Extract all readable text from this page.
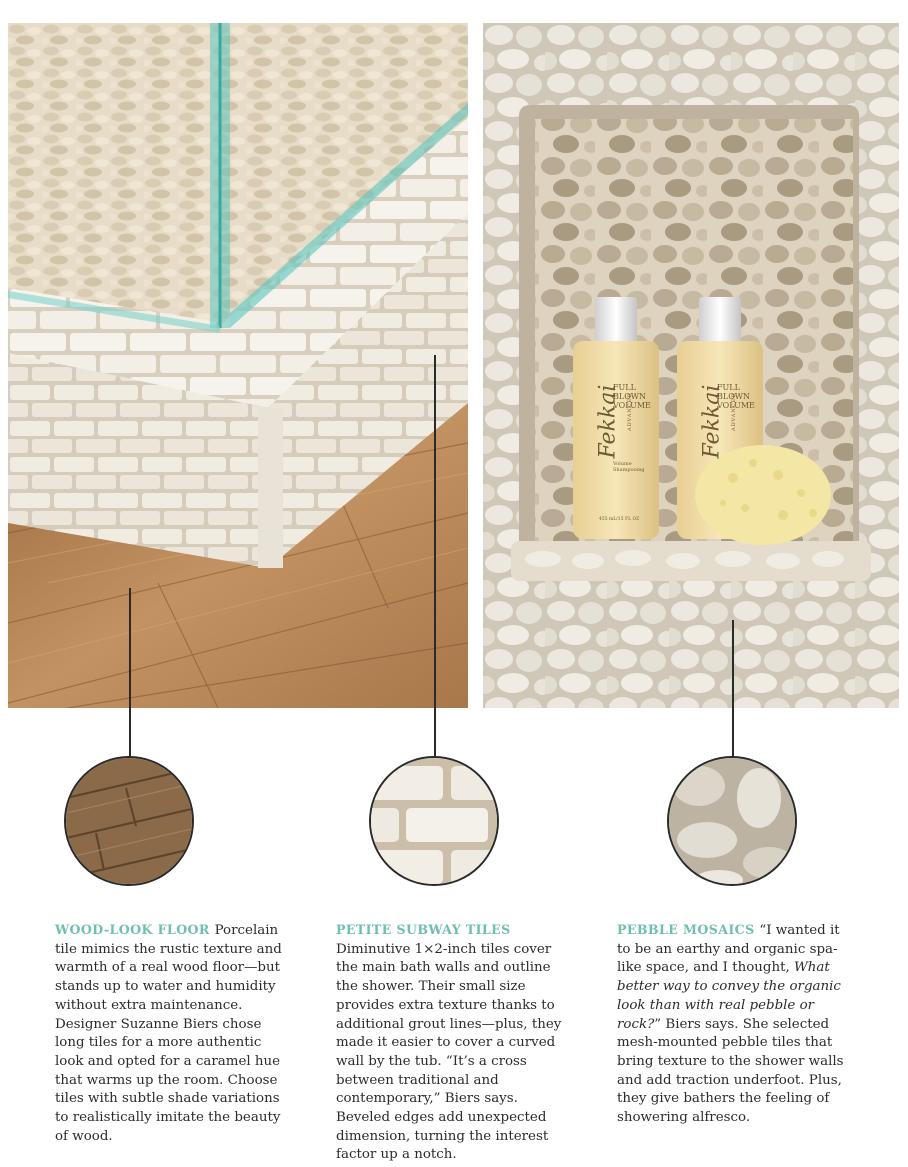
Fekkai ADVANCED
FULL BLOWN VOLUME
Volume Shampooing
455 mL/15 FL OZ
Fekkai ADVANCED
FULL BLOWN VOLUME
WOOD-LOOK FLOOR Porcelain tile mimics the rustic texture and warmth of a real wood floor—but stands up to water and humidity without extra maintenance. Designer Suzanne Biers chose long tiles for a more authentic look and opted for a caramel hue that warms up the room. Choose tiles with subtle shade variations to realistically imitate the beauty of wood.
PETITE SUBWAY TILES Diminutive 1×2-inch tiles cover the main bath walls and outline the shower. Their small size provides extra texture thanks to additional grout lines—plus, they made it easier to cover a curved wall by the tub. “It’s a cross between traditional and contemporary,” Biers says. Beveled edges add unexpected dimension, turning the interest factor up a notch.
PEBBLE MOSAICS “I wanted it to be an earthy and organic spa-like space, and I thought, What better way to convey the organic look than with real pebble or rock?” Biers says. She selected mesh-mounted pebble tiles that bring texture to the shower walls and add traction underfoot. Plus, they give bathers the feeling of showering alfresco.
